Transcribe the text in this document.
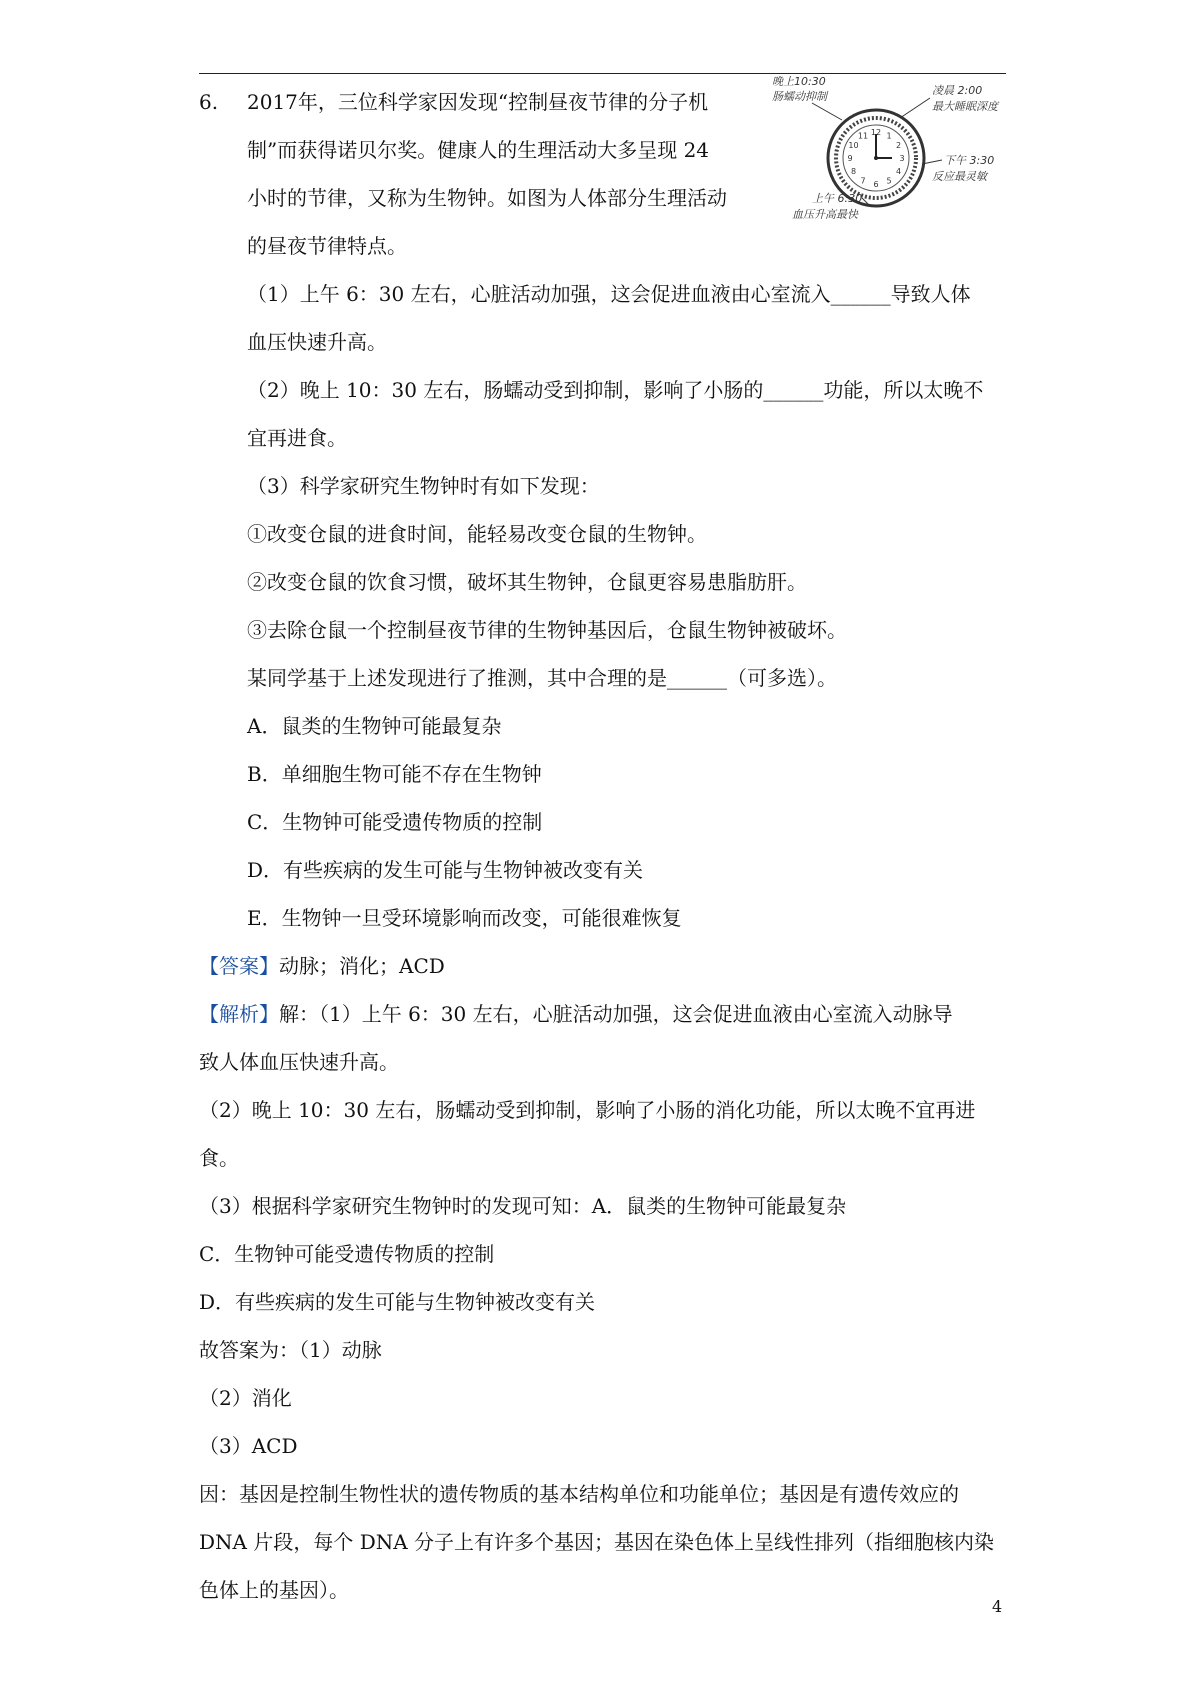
6. 2017年，三位科学家因发现“控制昼夜节律的分子机
制”而获得诺贝尔奖。健康人的生理活动大多呈现 24
小时的节律，又称为生物钟。如图为人体部分生理活动
的昼夜节律特点。
12 1
2
3
4
5
6
7
8
9
10
11
晚上10:30
肠蠕动抑制	凌晨 2:00
最大睡眠深度
下午 3:30
反应最灵敏
上午 6:30
血压升高最快
（1）上午 6：30 左右，心脏活动加强，这会促进血液由心室流入______导致人体
血压快速升高。
（2）晚上 10：30 左右，肠蠕动受到抑制，影响了小肠的______功能，所以太晚不
宜再进食。
（3）科学家研究生物钟时有如下发现：
①改变仓鼠的进食时间，能轻易改变仓鼠的生物钟。
②改变仓鼠的饮食习惯，破坏其生物钟，仓鼠更容易患脂肪肝。
③去除仓鼠一个控制昼夜节律的生物钟基因后，仓鼠生物钟被破坏。
某同学基于上述发现进行了推测，其中合理的是______（可多选）。
A．鼠类的生物钟可能最复杂
B．单细胞生物可能不存在生物钟
C．生物钟可能受遗传物质的控制
D．有些疾病的发生可能与生物钟被改变有关
E．生物钟一旦受环境影响而改变，可能很难恢复
【答案】动脉；消化；ACD
【解析】解：（1）上午 6：30 左右，心脏活动加强，这会促进血液由心室流入动脉导
致人体血压快速升高。
（2）晚上 10：30 左右，肠蠕动受到抑制，影响了小肠的消化功能，所以太晚不宜再进
食。
（3）根据科学家研究生物钟时的发现可知：A．鼠类的生物钟可能最复杂
C．生物钟可能受遗传物质的控制
D．有些疾病的发生可能与生物钟被改变有关
故答案为：（1）动脉
（2）消化
（3）ACD
因：基因是控制生物性状的遗传物质的基本结构单位和功能单位；基因是有遗传效应的
DNA 片段，每个 DNA 分子上有许多个基因；基因在染色体上呈线性排列（指细胞核内染
色体上的基因）。
4
